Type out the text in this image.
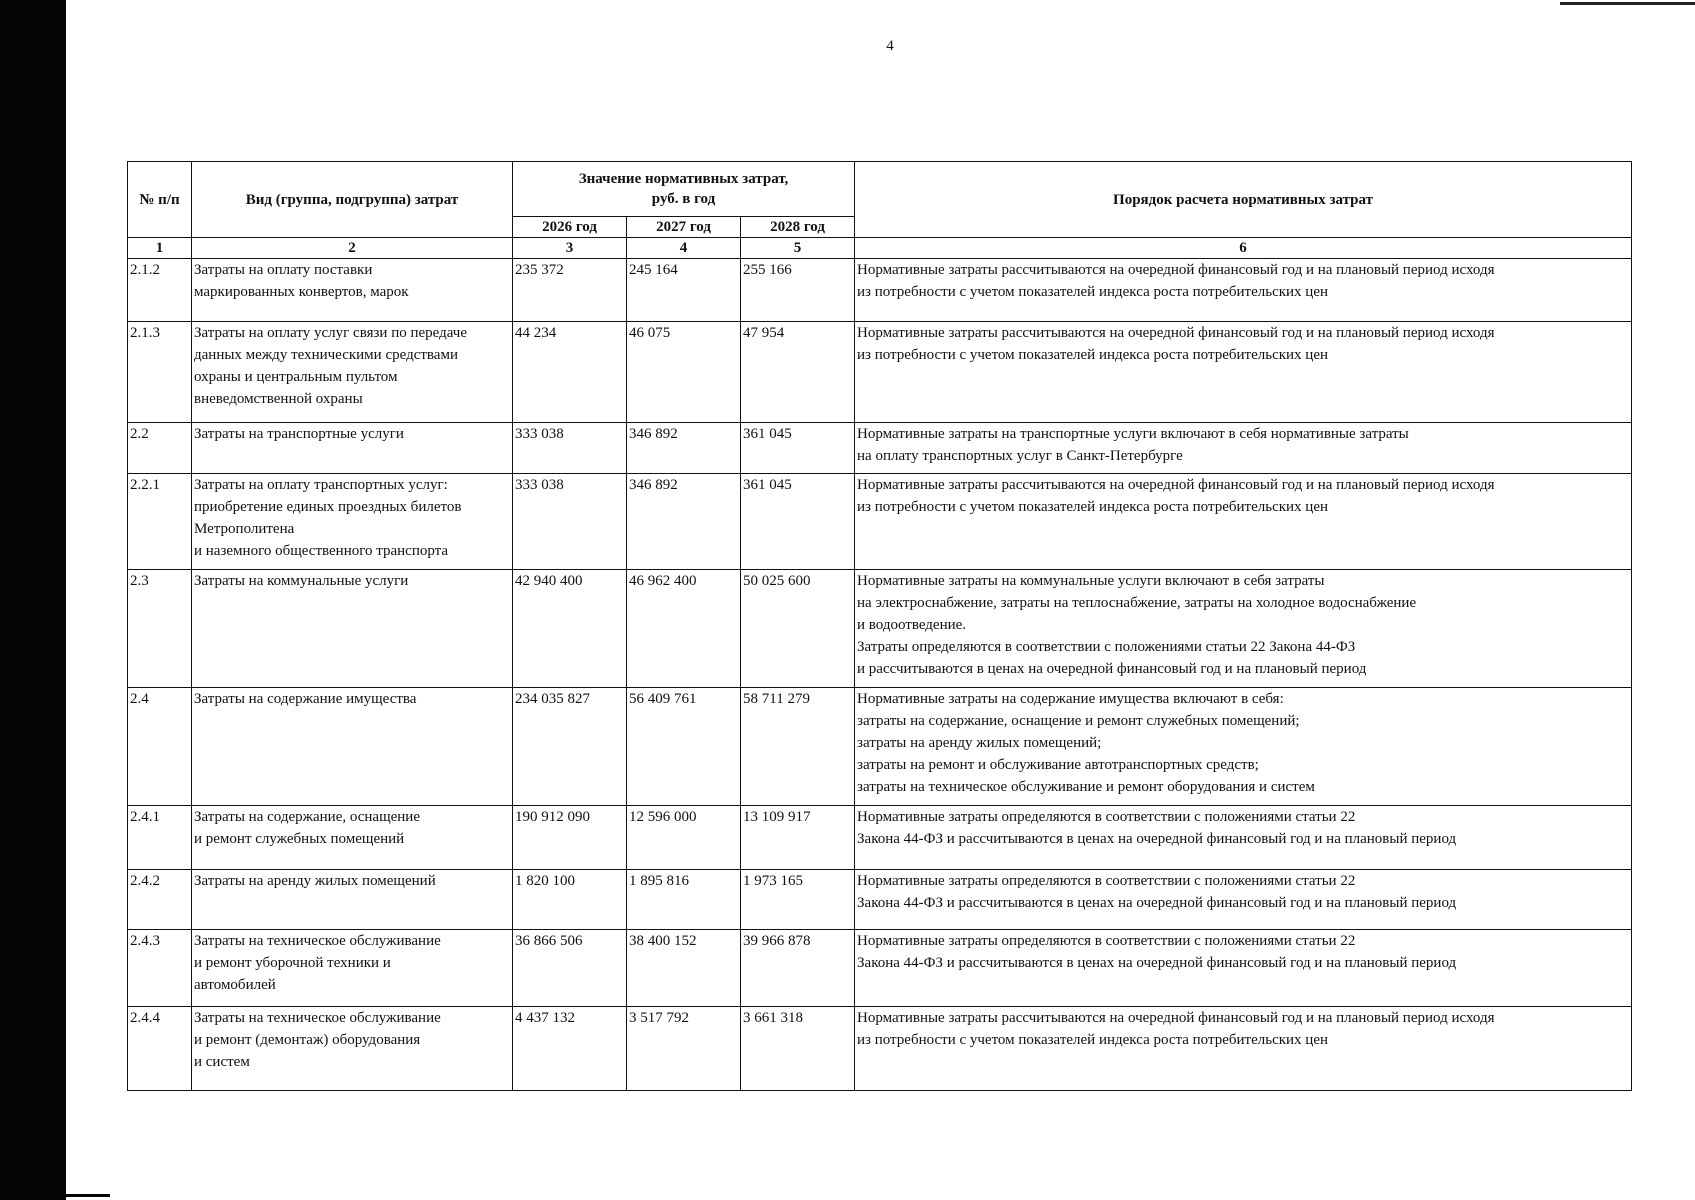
4
№ п/п	Вид (группа, подгруппа) затрат	Значение нормативных затрат,
руб. в год			Порядок расчета нормативных затрат
		2026 год	2027 год	2028 год	
1	2	3	4	5	6
2.1.2	Затраты на оплату поставки
маркированных конвертов, марок	235 372	245 164	255 166	Нормативные затраты рассчитываются на очередной финансовый год и на плановый период исходя
из потребности с учетом показателей индекса роста потребительских цен

2.1.3	Затраты на оплату услуг связи по передаче
данных между техническими средствами
охраны и центральным пультом
вневедомственной охраны	44 234	46 075	47 954	Нормативные затраты рассчитываются на очередной финансовый год и на плановый период исходя
из потребности с учетом показателей индекса роста потребительских цен

2.2	Затраты на транспортные услуги	333 038	346 892	361 045	Нормативные затраты на транспортные услуги включают в себя нормативные затраты
на оплату транспортных услуг в Санкт-Петербурге

2.2.1	Затраты на оплату транспортных услуг:
приобретение единых проездных билетов
Метрополитена
и наземного общественного транспорта	333 038	346 892	361 045	Нормативные затраты рассчитываются на очередной финансовый год и на плановый период исходя
из потребности с учетом показателей индекса роста потребительских цен

2.3	Затраты на коммунальные услуги	42 940 400	46 962 400	50 025 600	Нормативные затраты на коммунальные услуги включают в себя затраты
на электроснабжение, затраты на теплоснабжение, затраты на холодное водоснабжение
и водоотведение.
Затраты определяются в соответствии с положениями статьи 22 Закона 44-ФЗ
и рассчитываются в ценах на очередной финансовый год и на плановый период

2.4	Затраты на содержание имущества	234 035 827	56 409 761	58 711 279	Нормативные затраты на содержание имущества включают в себя:
затраты на содержание, оснащение и ремонт служебных помещений;
затраты на аренду жилых помещений;
затраты на ремонт и обслуживание автотранспортных средств;
затраты на техническое обслуживание и ремонт оборудования и систем

2.4.1	Затраты на содержание, оснащение
и ремонт служебных помещений	190 912 090	12 596 000	13 109 917	Нормативные затраты определяются в соответствии с положениями статьи 22
Закона 44-ФЗ и рассчитываются в ценах на очередной финансовый год и на плановый период

2.4.2	Затраты на аренду жилых помещений	1 820 100	1 895 816	1 973 165	Нормативные затраты определяются в соответствии с положениями статьи 22
Закона 44-ФЗ и рассчитываются в ценах на очередной финансовый год и на плановый период

2.4.3	Затраты на техническое обслуживание
и ремонт уборочной техники и
автомобилей	36 866 506	38 400 152	39 966 878	Нормативные затраты определяются в соответствии с положениями статьи 22
Закона 44-ФЗ и рассчитываются в ценах на очередной финансовый год и на плановый период

2.4.4	Затраты на техническое обслуживание
и ремонт (демонтаж) оборудования
и систем	4 437 132	3 517 792	3 661 318	Нормативные затраты рассчитываются на очередной финансовый год и на плановый период исходя
из потребности с учетом показателей индекса роста потребительских цен
